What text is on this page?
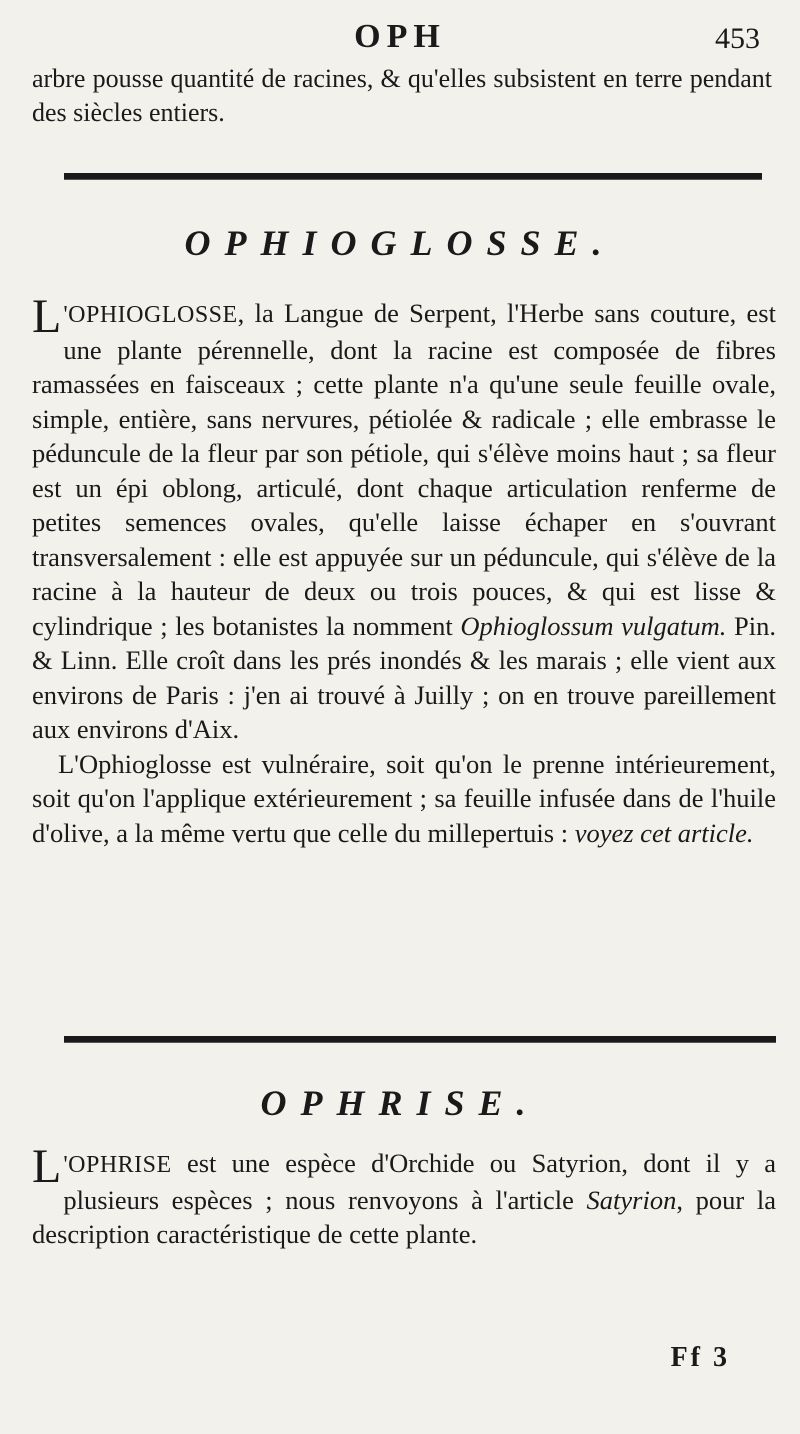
OPH	453

arbre pousse quantité de racines, & qu'elles subsistent en terre pendant des siècles entiers.

OPHIOGLOSSE.

L 'OPHIOGLOSSE, la Langue de Serpent, l'Herbe sans couture, est une plante pérennelle, dont la racine est composée de fibres ramassées en faisceaux ; cette plante n'a qu'une seule feuille ovale, simple, entière, sans nervures, pétiolée & radicale ; elle embrasse le péduncule de la fleur par son pétiole, qui s'élève moins haut ; sa fleur est un épi oblong, articulé, dont chaque articulation renferme de petites semences ovales, qu'elle laisse échaper en s'ouvrant transversalement : elle est appuyée sur un péduncule, qui s'élève de la racine à la hauteur de deux ou trois pouces, & qui est lisse & cylindrique ; les botanistes la nomment Ophioglossum vulgatum. Pin. & Linn. Elle croît dans les prés inondés & les marais ; elle vient aux environs de Paris : j'en ai trouvé à Juilly ; on en trouve pareillement aux environs d'Aix.

L'Ophioglosse est vulnéraire, soit qu'on le prenne intérieurement, soit qu'on l'applique extérieurement ; sa feuille infusée dans de l'huile d'olive, a la même vertu que celle du millepertuis : voyez cet article.

OPHRISE.

L 'OPHRISE est une espèce d'Orchide ou Satyrion, dont il y a plusieurs espèces ; nous renvoyons à l'article Satyrion, pour la description caractéristique de cette plante.

Ff 3
